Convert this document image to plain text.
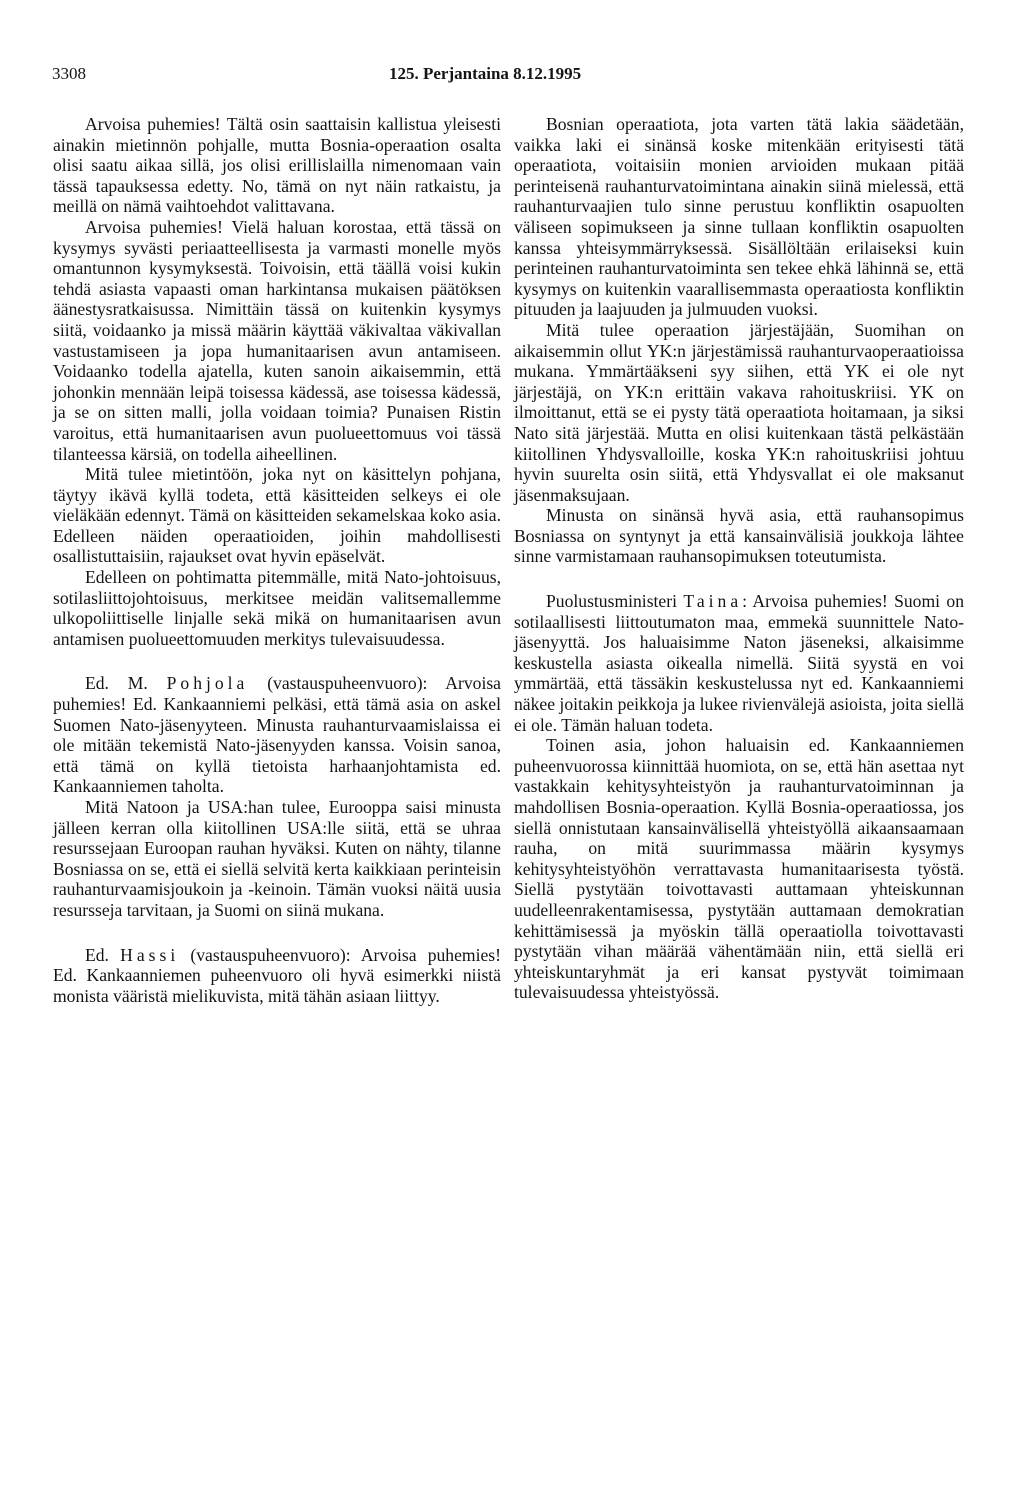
3308	125. Perjantaina 8.12.1995

Arvoisa puhemies! Tältä osin saattaisin kallistua yleisesti ainakin mietinnön pohjalle, mutta Bosnia-operaation osalta olisi saatu aikaa sillä, jos olisi erillislailla nimenomaan vain tässä tapauksessa edetty. No, tämä on nyt näin ratkaistu, ja meillä on nämä vaihtoehdot valittavana.

Arvoisa puhemies! Vielä haluan korostaa, että tässä on kysymys syvästi periaatteellisesta ja varmasti monelle myös omantunnon kysymyksestä. Toivoisin, että täällä voisi kukin tehdä asiasta vapaasti oman harkintansa mukaisen päätöksen äänestysratkaisussa. Nimittäin tässä on kuitenkin kysymys siitä, voidaanko ja missä määrin käyttää väkivaltaa väkivallan vastustamiseen ja jopa humanitaarisen avun antamiseen. Voidaanko todella ajatella, kuten sanoin aikaisemmin, että johonkin mennään leipä toisessa kädessä, ase toisessa kädessä, ja se on sitten malli, jolla voidaan toimia? Punaisen Ristin varoitus, että humanitaarisen avun puolueettomuus voi tässä tilanteessa kärsiä, on todella aiheellinen.

Mitä tulee mietintöön, joka nyt on käsittelyn pohjana, täytyy ikävä kyllä todeta, että käsitteiden selkeys ei ole vieläkään edennyt. Tämä on käsitteiden sekamelskaa koko asia. Edelleen näiden operaatioiden, joihin mahdollisesti osallistuttaisiin, rajaukset ovat hyvin epäselvät.

Edelleen on pohtimatta pitemmälle, mitä Nato-johtoisuus, sotilasliittojohtoisuus, merkitsee meidän valitsemallemme ulkopoliittiselle linjalle sekä mikä on humanitaarisen avun antamisen puolueettomuuden merkitys tulevaisuudessa.

Ed. M. Pohjola (vastauspuheenvuoro): Arvoisa puhemies! Ed. Kankaanniemi pelkäsi, että tämä asia on askel Suomen Nato-jäsenyyteen. Minusta rauhanturvaamislaissa ei ole mitään tekemistä Nato-jäsenyyden kanssa. Voisin sanoa, että tämä on kyllä tietoista harhaanjohtamista ed. Kankaanniemen taholta.

Mitä Natoon ja USA:han tulee, Eurooppa saisi minusta jälleen kerran olla kiitollinen USA:lle siitä, että se uhraa resurssejaan Euroopan rauhan hyväksi. Kuten on nähty, tilanne Bosniassa on se, että ei siellä selvitä kerta kaikkiaan perinteisin rauhanturvaamisjoukoin ja -keinoin. Tämän vuoksi näitä uusia resursseja tarvitaan, ja Suomi on siinä mukana.

Ed. Hassi (vastauspuheenvuoro): Arvoisa puhemies! Ed. Kankaanniemen puheenvuoro oli hyvä esimerkki niistä monista vääristä mielikuvista, mitä tähän asiaan liittyy.

Bosnian operaatiota, jota varten tätä lakia säädetään, vaikka laki ei sinänsä koske mitenkään erityisesti tätä operaatiota, voitaisiin monien arvioiden mukaan pitää perinteisenä rauhanturvatoimintana ainakin siinä mielessä, että rauhanturvaajien tulo sinne perustuu konfliktin osapuolten väliseen sopimukseen ja sinne tullaan konfliktin osapuolten kanssa yhteisymmärryksessä. Sisällöltään erilaiseksi kuin perinteinen rauhanturvatoiminta sen tekee ehkä lähinnä se, että kysymys on kuitenkin vaarallisemmasta operaatiosta konfliktin pituuden ja laajuuden ja julmuuden vuoksi.

Mitä tulee operaation järjestäjään, Suomihan on aikaisemmin ollut YK:n järjestämissä rauhanturvaoperaatioissa mukana. Ymmärtääkseni syy siihen, että YK ei ole nyt järjestäjä, on YK:n erittäin vakava rahoituskriisi. YK on ilmoittanut, että se ei pysty tätä operaatiota hoitamaan, ja siksi Nato sitä järjestää. Mutta en olisi kuitenkaan tästä pelkästään kiitollinen Yhdysvalloille, koska YK:n rahoituskriisi johtuu hyvin suurelta osin siitä, että Yhdysvallat ei ole maksanut jäsenmaksujaan.

Minusta on sinänsä hyvä asia, että rauhansopimus Bosniassa on syntynyt ja että kansainvälisiä joukkoja lähtee sinne varmistamaan rauhansopimuksen toteutumista.

Puolustusministeri Taina: Arvoisa puhemies! Suomi on sotilaallisesti liittoutumaton maa, emmekä suunnittele Nato-jäsenyyttä. Jos haluaisimme Naton jäseneksi, alkaisimme keskustella asiasta oikealla nimellä. Siitä syystä en voi ymmärtää, että tässäkin keskustelussa nyt ed. Kankaanniemi näkee joitakin peikkoja ja lukee rivienvälejä asioista, joita siellä ei ole. Tämän haluan todeta.

Toinen asia, johon haluaisin ed. Kankaanniemen puheenvuorossa kiinnittää huomiota, on se, että hän asettaa nyt vastakkain kehitysyhteistyön ja rauhanturvatoiminnan ja mahdollisen Bosnia-operaation. Kyllä Bosnia-operaatiossa, jos siellä onnistutaan kansainvälisellä yhteistyöllä aikaansaamaan rauha, on mitä suurimmassa määrin kysymys kehitysyhteistyöhön verrattavasta humanitaarisesta työstä. Siellä pystytään toivottavasti auttamaan yhteiskunnan uudelleenrakentamisessa, pystytään auttamaan demokratian kehittämisessä ja myöskin tällä operaatiolla toivottavasti pystytään vihan määrää vähentämään niin, että siellä eri yhteiskuntaryhmät ja eri kansat pystyvät toimimaan tulevaisuudessa yhteistyössä.
